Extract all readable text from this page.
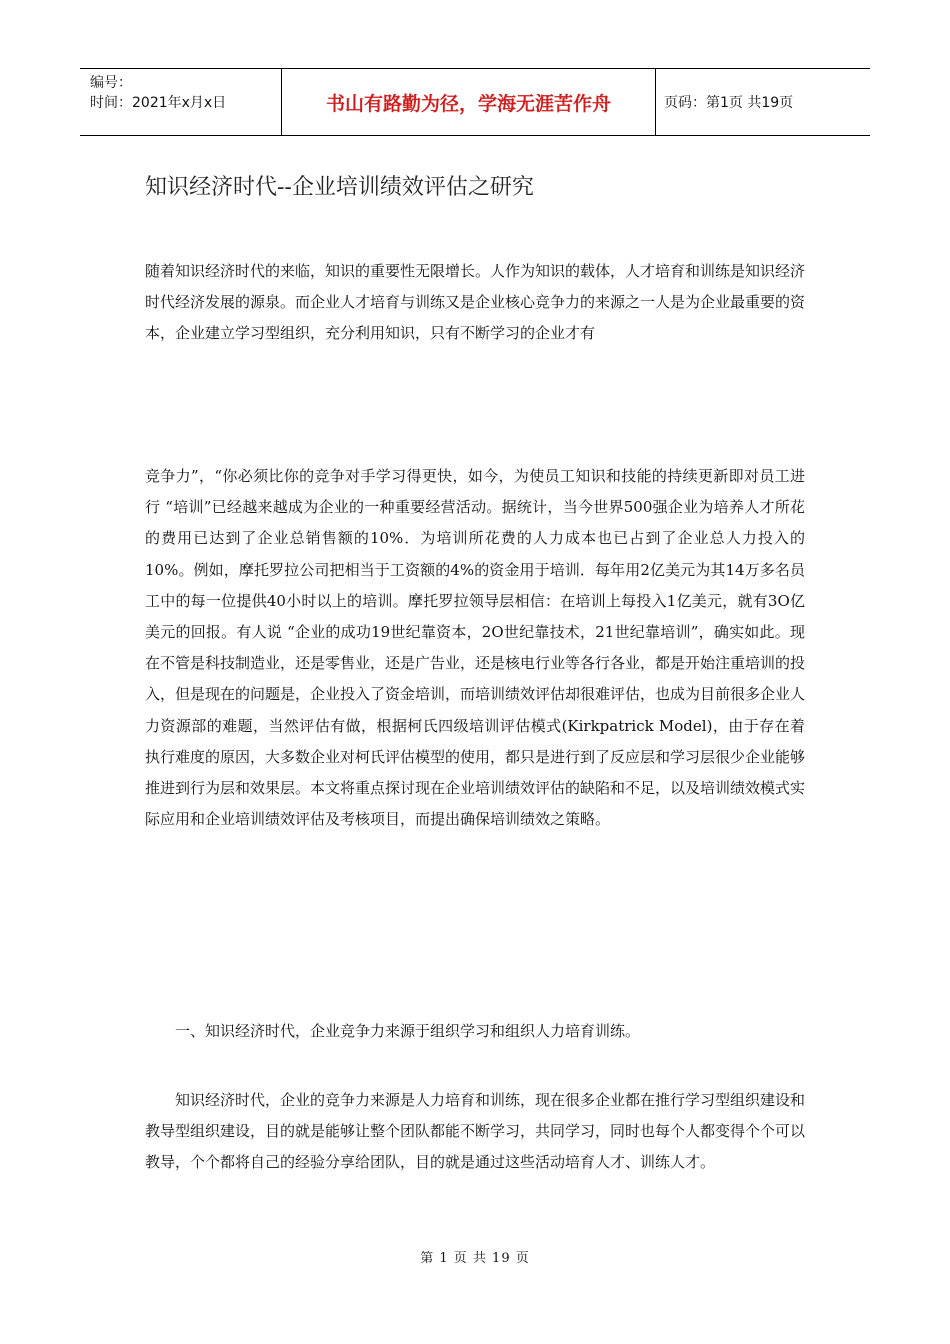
编号：
时间：2021年x月x日	书山有路勤为径，学海无涯苦作舟	页码：第1页 共19页
知识经济时代--企业培训绩效评估之研究

随着知识经济时代的来临，知识的重要性无限增长。人作为知识的载体，人才培育和训练是知识经济时代经济发展的源泉。而企业人才培育与训练又是企业核心竞争力的来源之一人是为企业最重要的资本，企业建立学习型组织，充分利用知识，只有不断学习的企业才有

竞争力”，“你必须比你的竞争对手学习得更快，如今，为使员工知识和技能的持续更新即对员工进行 “培训”已经越来越成为企业的一种重要经营活动。据统计，当今世界500强企业为培养人才所花的费用已达到了企业总销售额的10%．为培训所花费的人力成本也已占到了企业总人力投入的10%。例如，摩托罗拉公司把相当于工资额的4%的资金用于培训．每年用2亿美元为其14万多名员工中的每一位提供40小时以上的培训。摩托罗拉领导层相信：在培训上每投入1亿美元，就有3O亿美元的回报。有人说 “企业的成功19世纪靠资本，2O世纪靠技术，21世纪靠培训”，确实如此。现在不管是科技制造业，还是零售业，还是广告业，还是核电行业等各行各业，都是开始注重培训的投入，但是现在的问题是，企业投入了资金培训，而培训绩效评估却很难评估，也成为目前很多企业人力资源部的难题，当然评估有做，根据柯氏四级培训评估模式(Kirkpatrick Model)，由于存在着执行难度的原因，大多数企业对柯氏评估模型的使用，都只是进行到了反应层和学习层很少企业能够推进到行为层和效果层。本文将重点探讨现在企业培训绩效评估的缺陷和不足，以及培训绩效模式实际应用和企业培训绩效评估及考核项目，而提出确保培训绩效之策略。

一、知识经济时代，企业竞争力来源于组织学习和组织人力培育训练。

知识经济时代，企业的竞争力来源是人力培育和训练，现在很多企业都在推行学习型组织建设和教导型组织建设，目的就是能够让整个团队都能不断学习，共同学习，同时也每个人都变得个个可以教导，个个都将自己的经验分享给团队，目的就是通过这些活动培育人才、训练人才。

第 1 页 共 19 页
